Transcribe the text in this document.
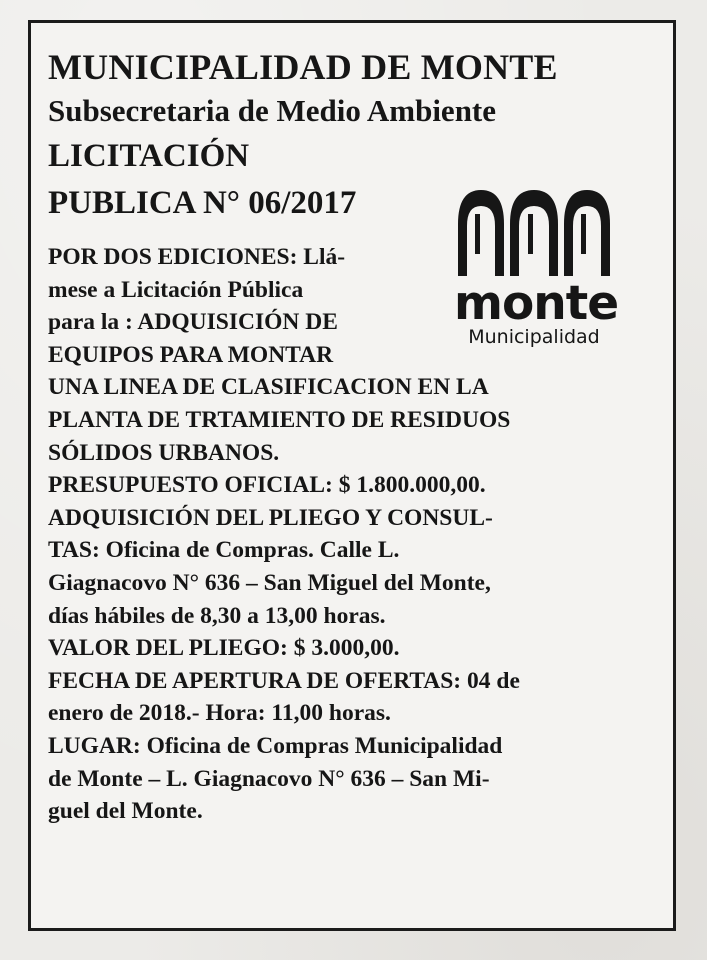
MUNICIPALIDAD DE MONTE

Subsecretaria de Medio Ambiente

LICITACIÓN

PUBLICA N° 06/2017

POR DOS EDICIONES: Llá-

mese a Licitación Pública

para la : ADQUISICIÓN DE

EQUIPOS PARA MONTAR

UNA LINEA DE CLASIFICACION EN LA

PLANTA DE TRTAMIENTO DE RESIDUOS

SÓLIDOS URBANOS.

PRESUPUESTO OFICIAL: $ 1.800.000,00.

ADQUISICIÓN DEL PLIEGO Y CONSUL-

TAS: Oficina de Compras. Calle L.

Giagnacovo N° 636 – San Miguel del Monte,

días hábiles de 8,30 a 13,00 horas.

VALOR DEL PLIEGO: $ 3.000,00.

FECHA DE APERTURA DE OFERTAS: 04 de

enero de 2018.- Hora: 11,00 horas.

LUGAR: Oficina de Compras Municipalidad

de Monte – L. Giagnacovo N° 636 – San Mi-

guel del Monte.

monte
Municipalidad
